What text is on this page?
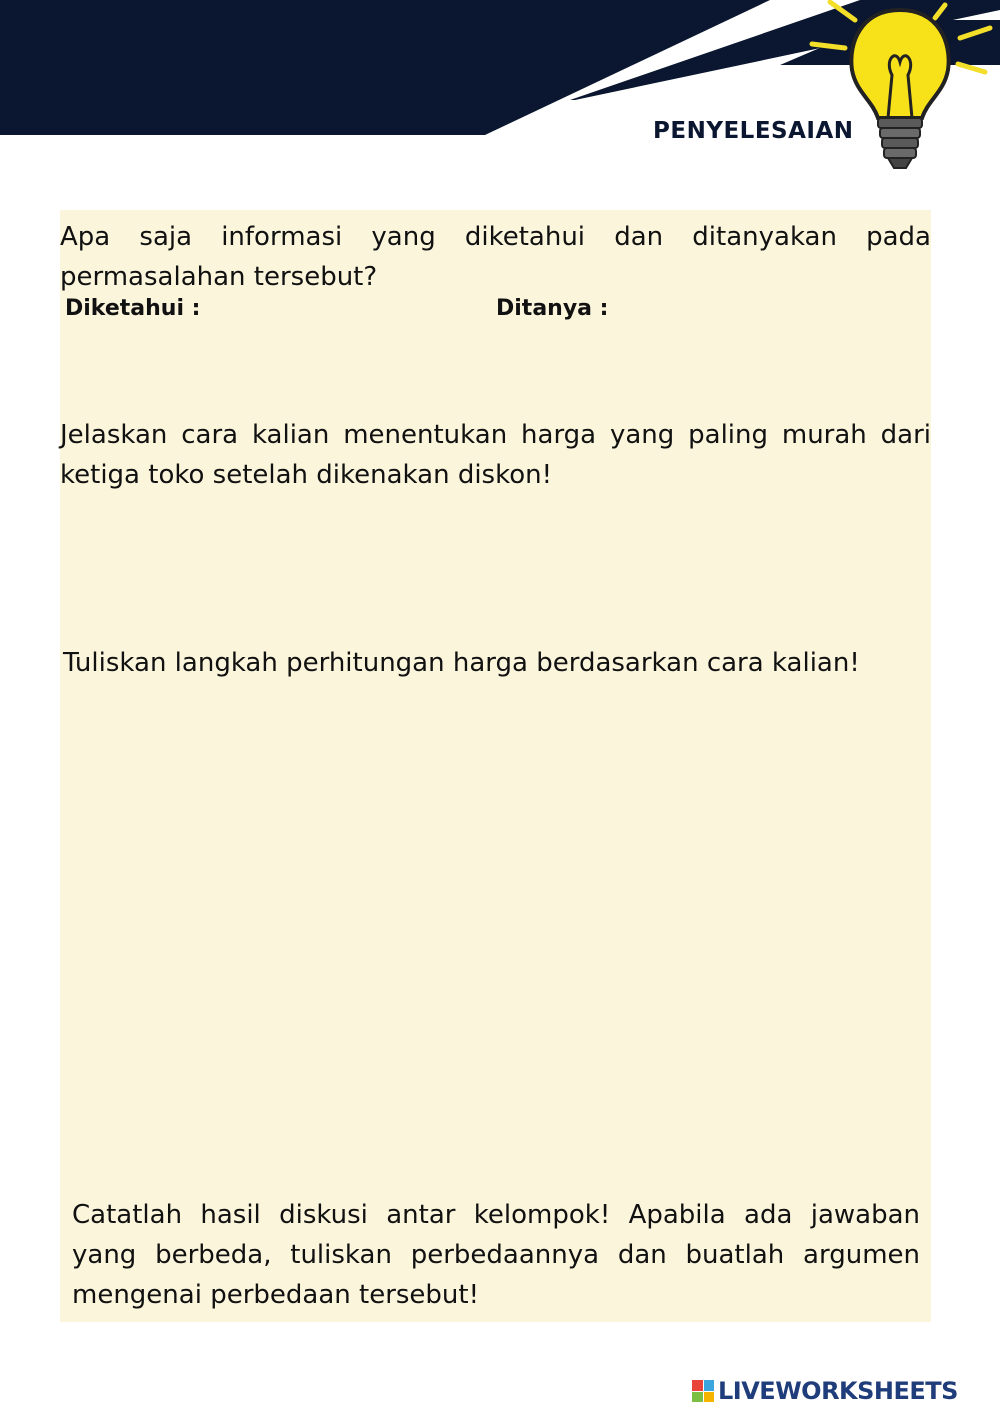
PENYELESAIAN
Apa saja informasi yang diketahui dan ditanyakan pada permasalahan tersebut?
Diketahui :	Ditanya :
Jelaskan cara kalian menentukan harga yang paling murah dari ketiga toko setelah dikenakan diskon!
Tuliskan langkah perhitungan harga berdasarkan cara kalian!
Catatlah hasil diskusi antar kelompok! Apabila ada jawaban yang berbeda, tuliskan perbedaannya dan buatlah argumen mengenai perbedaan tersebut!
LIVEWORKSHEETS
